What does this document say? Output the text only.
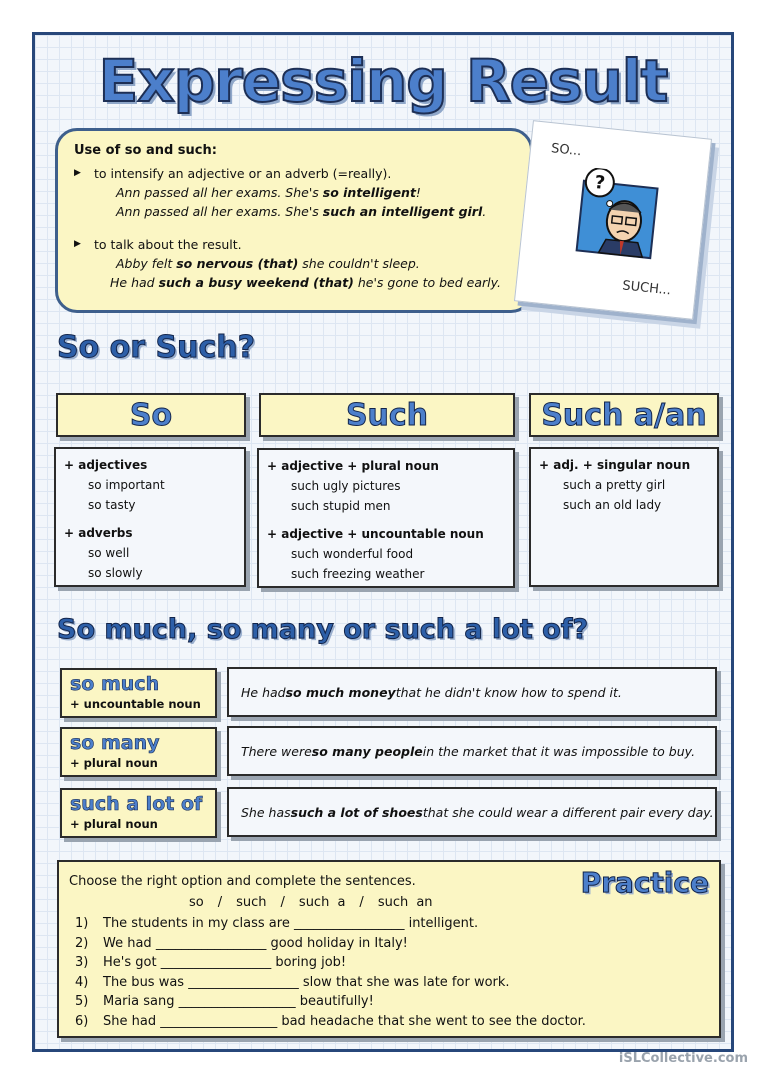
Expressing Result
Use of so and such:
▶	to intensify an adjective or an adverb (=really).
Ann passed all her exams. She's so intelligent!
Ann passed all her exams. She's such an intelligent girl.
▶	to talk about the result.
Abby felt so nervous (that) she couldn't sleep.
He had such a busy weekend (that) he's gone to bed early.
SO...
?
SUCH...
So or Such?
So	Such	Such a/an
+ adjectives
so important
so tasty
+ adverbs
so well
so slowly
+ adjective + plural noun
such ugly pictures
such stupid men
+ adjective + uncountable noun
such wonderful food
such freezing weather
+ adj. + singular noun
such a pretty girl
such an old lady
So much, so many or such a lot of?
so much
+ uncountable noun
He had so much money that he didn't know how to spend it.
so many
+ plural noun
There were so many people in the market that it was impossible to buy.
such a lot of
+ plural noun
She has such a lot of shoes that she could wear a different pair every day.
Practice
Choose the right option and complete the sentences.
so / such / such a / such an
1)	The students in my class are _________________ intelligent.
2)	We had _________________ good holiday in Italy!
3)	He's got _________________ boring job!
4)	The bus was _________________ slow that she was late for work.
5)	Maria sang __________________ beautifully!
6)	She had __________________ bad headache that she went to see the doctor.
iSLCollective.com
